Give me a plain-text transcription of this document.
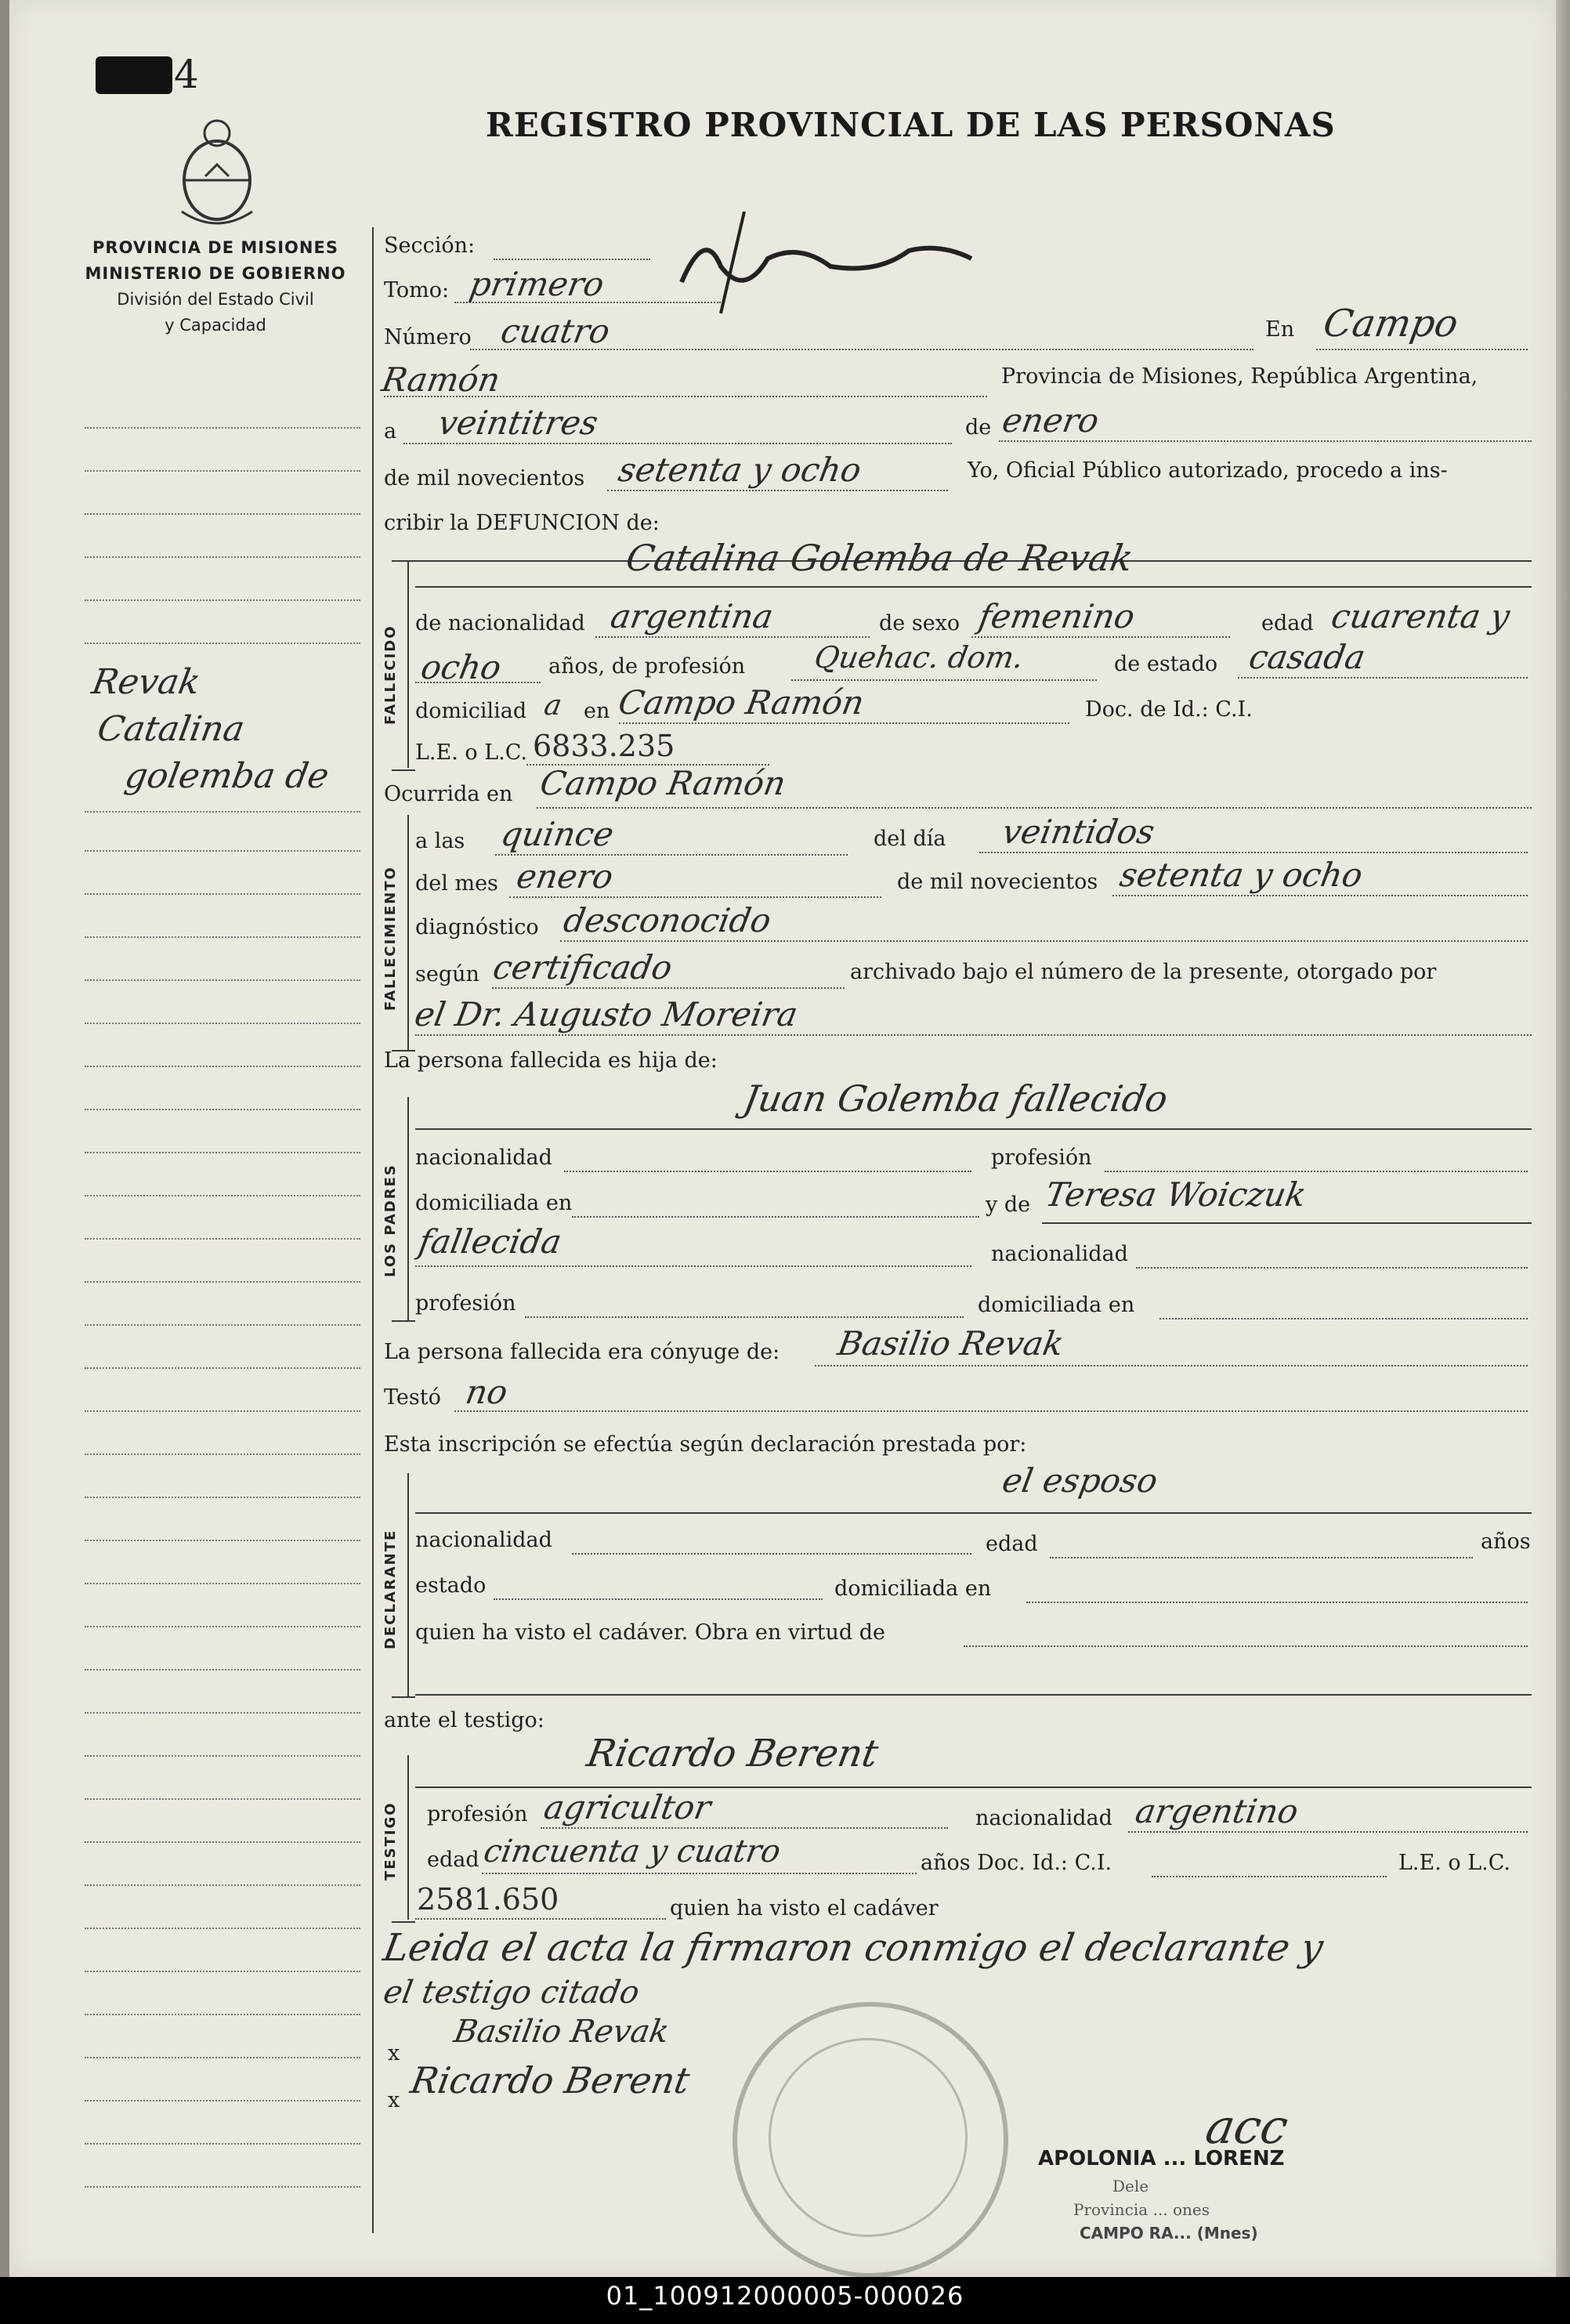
4
REGISTRO PROVINCIAL DE LAS PERSONAS
PROVINCIA DE MISIONES
MINISTERIO DE GOBIERNO
División del Estado Civil
y Capacidad
Revak
Catalina
golemba de
Sección:
Tomo: primero
Número cuatro	En Campo
Ramón	Provincia de Misiones, República Argentina,
a veintitres	de enero
de mil novecientos setenta y ocho	Yo, Oficial Público autorizado, procedo a ins-
cribir la DEFUNCION de:
FALLECIDO
Catalina Golemba de Revak
de nacionalidad argentina	de sexo femenino	edad cuarenta y
ocho años, de profesión Quehac. dom.	de estado casada
domiciliad a en Campo Ramón	Doc. de Id.: C.I.
L.E. o L.C. 6833.235
Ocurrida en Campo Ramón
FALLECIMIENTO
a las quince	del día veintidos
del mes enero	de mil novecientos setenta y ocho
diagnóstico desconocido
según certificado	archivado bajo el número de la presente, otorgado por
el Dr. Augusto Moreira
La persona fallecida es hija de:
LOS PADRES
Juan Golemba fallecido
nacionalidad	profesión
domiciliada en	y de Teresa Woiczuk
fallecida	nacionalidad
profesión	domiciliada en
La persona fallecida era cónyuge de: Basilio Revak
Testó no
Esta inscripción se efectúa según declaración prestada por:
DECLARANTE
el esposo
nacionalidad	edad	años
estado	domiciliada en
quien ha visto el cadáver. Obra en virtud de
ante el testigo:
TESTIGO
Ricardo Berent
profesión agricultor	nacionalidad argentino
edad cincuenta y cuatro	años Doc. Id.: C.I.	L.E. o L.C.
2581.650	quien ha visto el cadáver
Leida el acta la firmaron conmigo el declarante y
el testigo citado
x
Basilio Revak
x Ricardo Berent
acc
APOLONIA ... LORENZ
Dele
Provincia ... ones
CAMPO RA... (Mnes)
01_100912000005-000026
